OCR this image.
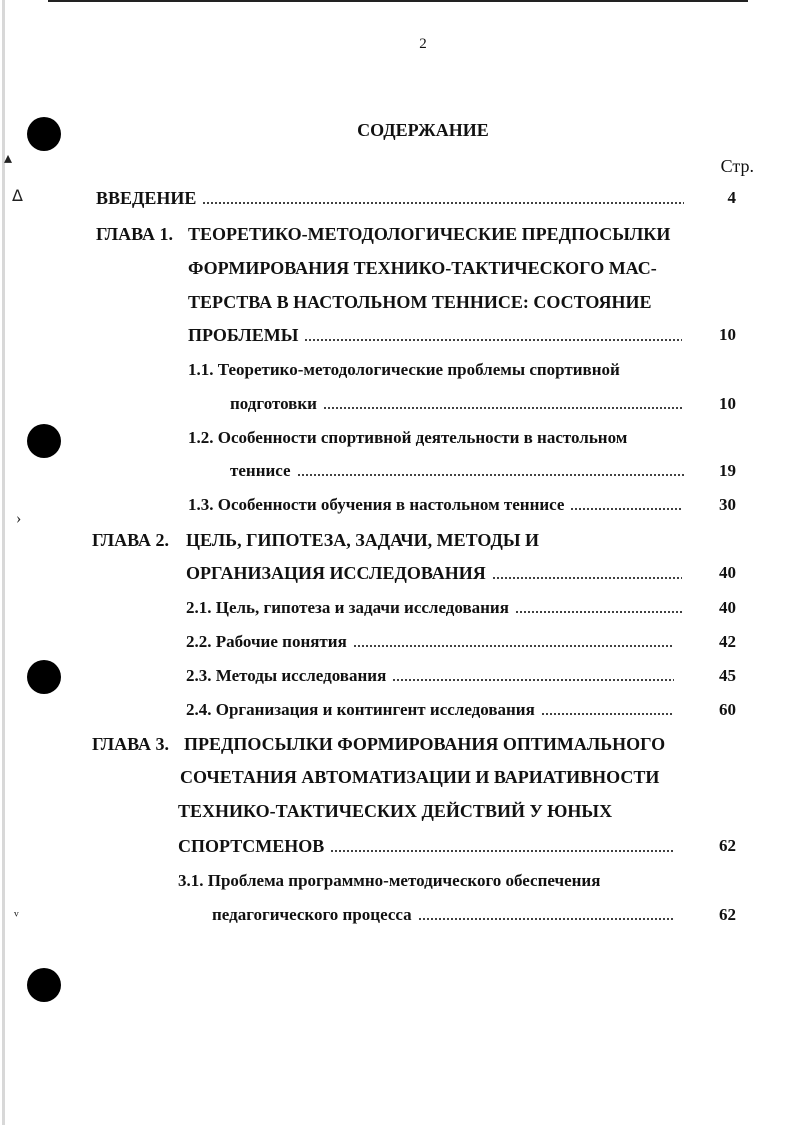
▴
ᐃ
›
ᵛ
2
СОДЕРЖАНИЕ
Стр.
ВВЕДЕНИЕ	4
ГЛАВА 1. ТЕОРЕТИКО-МЕТОДОЛОГИЧЕСКИЕ ПРЕДПОСЫЛКИ
ФОРМИРОВАНИЯ ТЕХНИКО-ТАКТИЧЕСКОГО МАС-
ТЕРСТВА В НАСТОЛЬНОМ ТЕННИСЕ: СОСТОЯНИЕ
ПРОБЛЕМЫ	10
1.1. Теоретико-методологические проблемы спортивной
подготовки	10
1.2. Особенности спортивной деятельности в настольном
теннисе	19
1.3. Особенности обучения в настольном теннисе	30
ГЛАВА 2. ЦЕЛЬ, ГИПОТЕЗА, ЗАДАЧИ, МЕТОДЫ И
ОРГАНИЗАЦИЯ ИССЛЕДОВАНИЯ	40
2.1. Цель, гипотеза и задачи исследования	40
2.2. Рабочие понятия	42
2.3. Методы исследования	45
2.4. Организация и контингент исследования	60
ГЛАВА 3. ПРЕДПОСЫЛКИ ФОРМИРОВАНИЯ ОПТИМАЛЬНОГО
СОЧЕТАНИЯ АВТОМАТИЗАЦИИ И ВАРИАТИВНОСТИ
ТЕХНИКО-ТАКТИЧЕСКИХ ДЕЙСТВИЙ У ЮНЫХ
СПОРТСМЕНОВ	62
3.1. Проблема программно-методического обеспечения
педагогического процесса	62
